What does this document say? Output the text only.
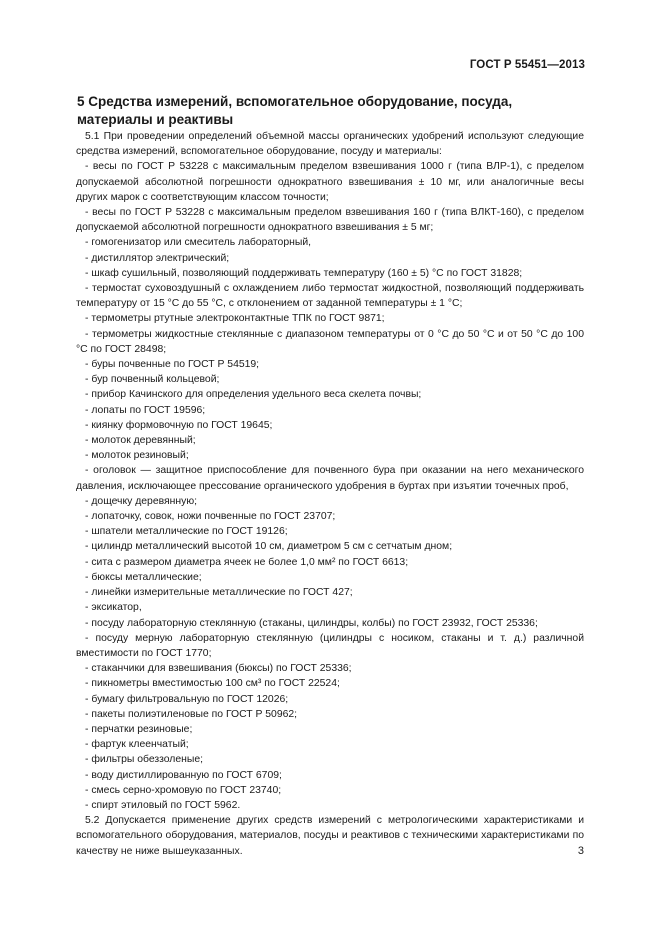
ГОСТ Р 55451—2013
5 Средства измерений, вспомогательное оборудование, посуда, материалы и реактивы

5.1 При проведении определений объемной массы органических удобрений используют следующие средства измерений, вспомогательное оборудование, посуду и материалы:

- весы по ГОСТ Р 53228 с максимальным пределом взвешивания 1000 г (типа ВЛР-1), с пределом допускаемой абсолютной погрешности однократного взвешивания ± 10 мг, или аналогичные весы других марок с соответствующим классом точности;

- весы по ГОСТ Р 53228 с максимальным пределом взвешивания 160 г (типа ВЛКТ-160), с пределом допускаемой абсолютной погрешности однократного взвешивания ± 5 мг;

- гомогенизатор или смеситель лабораторный,

- дистиллятор электрический;

- шкаф сушильный, позволяющий поддерживать температуру (160 ± 5) °С по ГОСТ 31828;

- термостат суховоздушный с охлаждением либо термостат жидкостной, позволяющий поддерживать температуру от 15 °С до 55 °С, с отклонением от заданной температуры ± 1 °С;

- термометры ртутные электроконтактные ТПК по ГОСТ 9871;

- термометры жидкостные стеклянные с диапазоном температуры от 0 °С до 50 °С и от 50 °С до 100 °С по ГОСТ 28498;

- буры почвенные по ГОСТ Р 54519;

- бур почвенный кольцевой;

- прибор Качинского для определения удельного веса скелета почвы;

- лопаты по ГОСТ 19596;

- киянку формовочную по ГОСТ 19645;

- молоток деревянный;

- молоток резиновый;

- оголовок — защитное приспособление для почвенного бура при оказании на него механического давления, исключающее прессование органического удобрения в буртах при изъятии точечных проб,

- дощечку деревянную;

- лопаточку, совок, ножи почвенные по ГОСТ 23707;

- шпатели металлические по ГОСТ 19126;

- цилиндр металлический высотой 10 см, диаметром 5 см с сетчатым дном;

- сита с размером диаметра ячеек не более 1,0 мм² по ГОСТ 6613;

- бюксы металлические;

- линейки измерительные металлические по ГОСТ 427;

- эксикатор,

- посуду лабораторную стеклянную (стаканы, цилиндры, колбы) по ГОСТ 23932, ГОСТ 25336;

- посуду мерную лабораторную стеклянную (цилиндры с носиком, стаканы и т. д.) различной вместимости по ГОСТ 1770;

- стаканчики для взвешивания (бюксы) по ГОСТ 25336;

- пикнометры вместимостью 100 см³ по ГОСТ 22524;

- бумагу фильтровальную по ГОСТ 12026;

- пакеты полиэтиленовые по ГОСТ Р 50962;

- перчатки резиновые;

- фартук клеенчатый;

- фильтры обеззоленые;

- воду дистиллированную по ГОСТ 6709;

- смесь серно-хромовую по ГОСТ 23740;

- спирт этиловый по ГОСТ 5962.

5.2 Допускается применение других средств измерений с метрологическими характеристиками и вспомогательного оборудования, материалов, посуды и реактивов с техническими характеристиками по качеству не ниже вышеуказанных.	3
